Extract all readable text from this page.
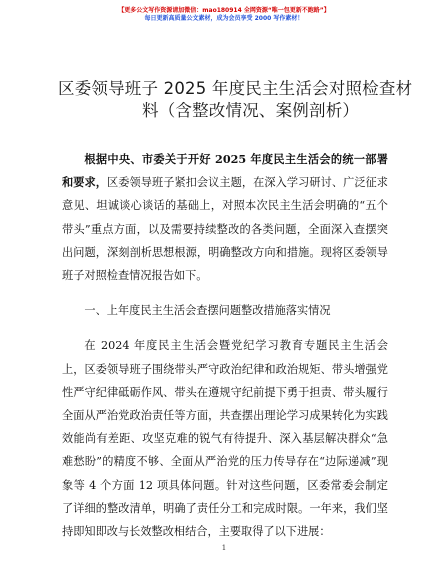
【更多公文写作资源请加微信：mao180914 全网资源“唯一包更新不跑路”】
每日更新高质量公文素材，成为会员享受 2000 写作素材！
区委领导班子 2025 年度民主生活会对照检查材
料（含整改情况、案例剖析）

根据中央、市委关于开好 2025 年度民主生活会的统一部署和要求，区委领导班子紧扣会议主题，在深入学习研讨、广泛征求意见、坦诚谈心谈话的基础上，对照本次民主生活会明确的“五个带头”重点方面，以及需要持续整改的各类问题，全面深入查摆突出问题，深刻剖析思想根源，明确整改方向和措施。现将区委领导班子对照检查情况报告如下。

一、上年度民主生活会查摆问题整改措施落实情况

在 2024 年度民主生活会暨党纪学习教育专题民主生活会上，区委领导班子围绕带头严守政治纪律和政治规矩、带头增强党性严守纪律砥砺作风、带头在遵规守纪前提下勇于担责、带头履行全面从严治党政治责任等方面，共查摆出理论学习成果转化为实践效能尚有差距、攻坚克难的锐气有待提升、深入基层解决群众“急难愁盼”的精度不够、全面从严治党的压力传导存在“边际递减”现象等 4 个方面 12 项具体问题。针对这些问题，区委常委会制定了详细的整改清单，明确了责任分工和完成时限。一年来，我们坚持即知即改与长效整改相结合，主要取得了以下进展：

1
